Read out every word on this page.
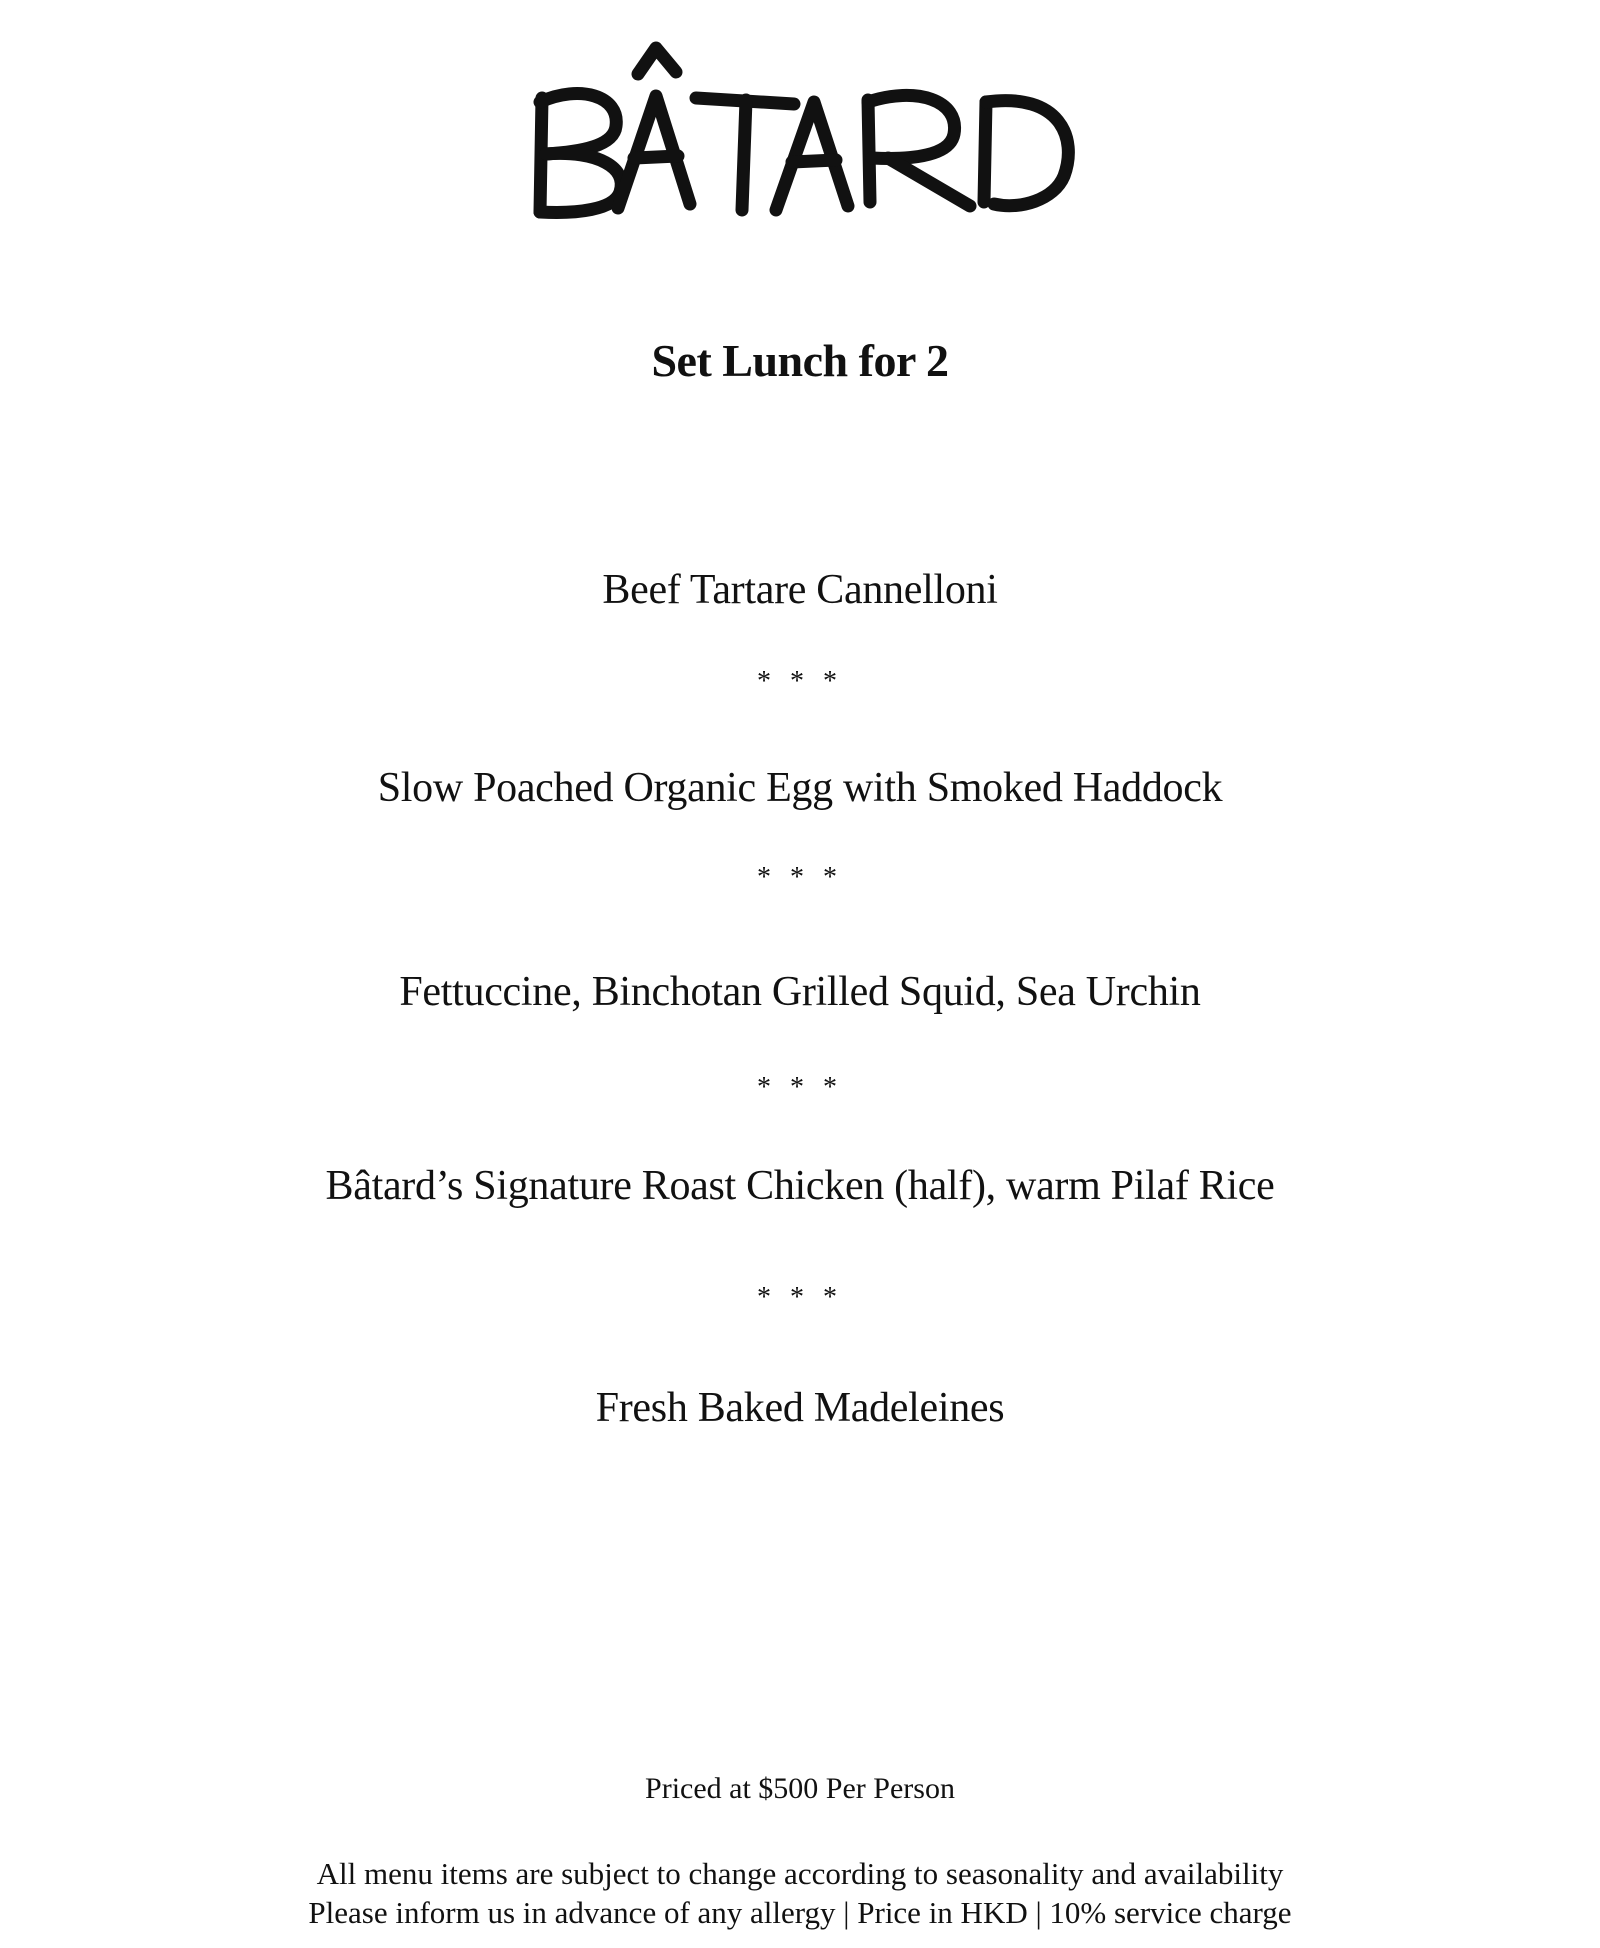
Set Lunch for 2
Beef Tartare Cannelloni
* * *
Slow Poached Organic Egg with Smoked Haddock
* * *
Fettuccine, Binchotan Grilled Squid, Sea Urchin
* * *
Bâtard’s Signature Roast Chicken (half), warm Pilaf Rice
* * *
Fresh Baked Madeleines
Priced at $500 Per Person
All menu items are subject to change according to seasonality and availability
Please inform us in advance of any allergy | Price in HKD | 10% service charge
